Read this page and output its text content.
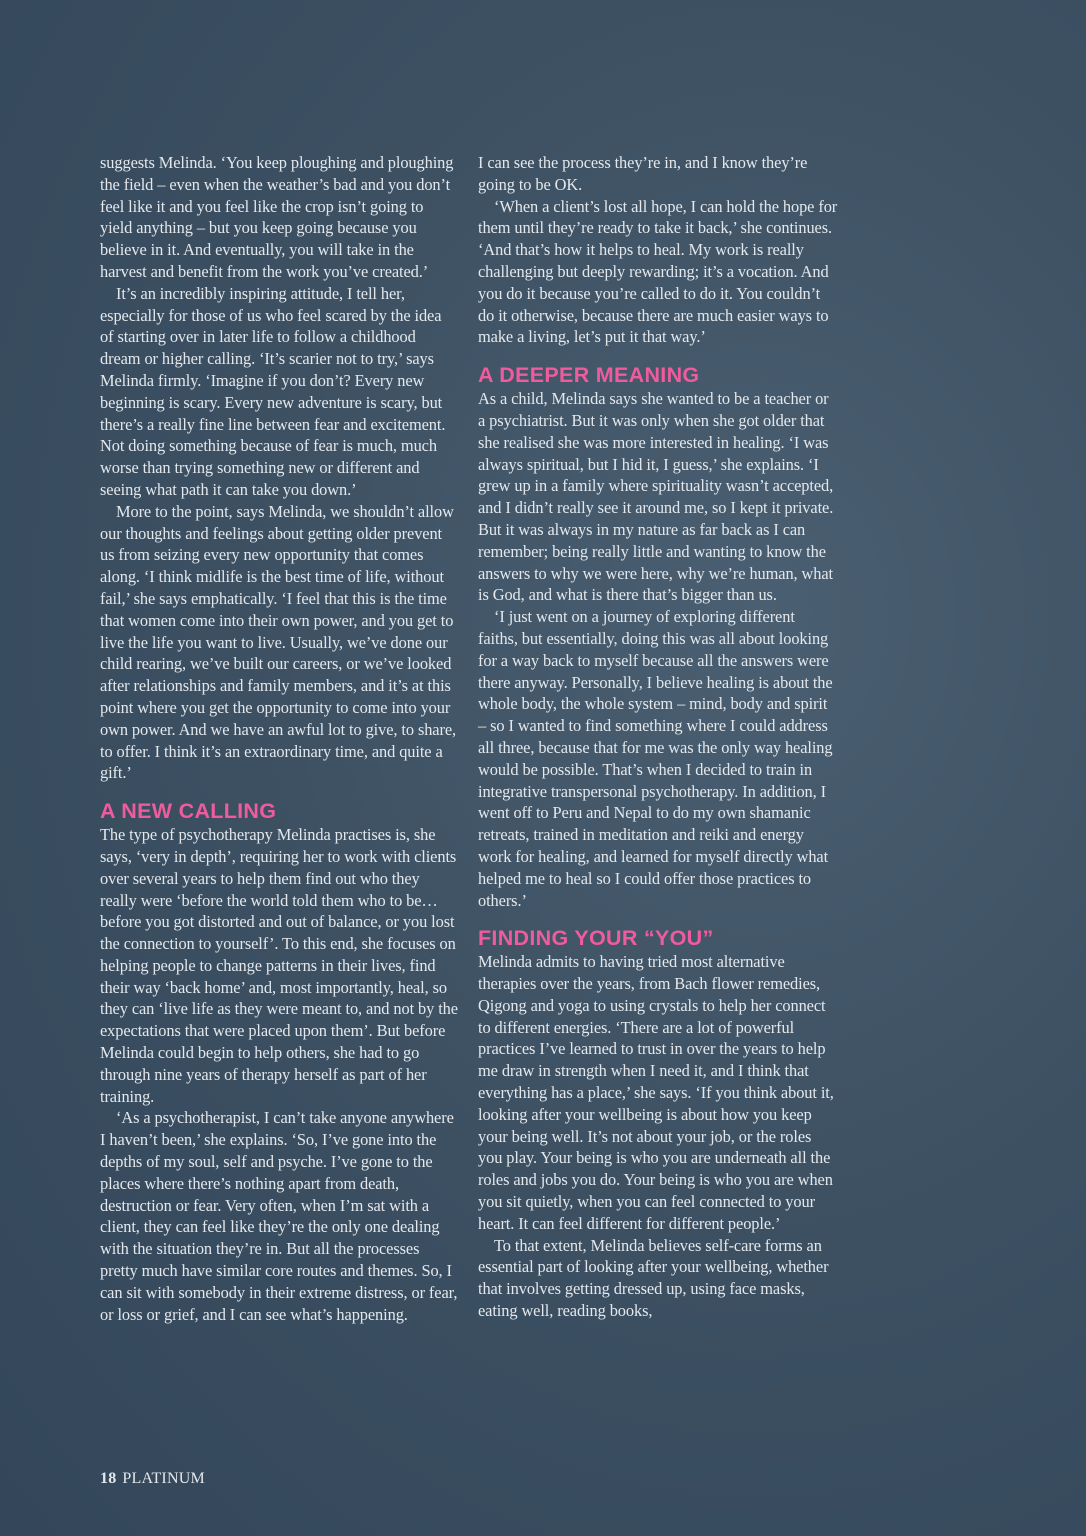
suggests Melinda. ‘You keep ploughing and ploughing the field – even when the weather’s bad and you don’t feel like it and you feel like the crop isn’t going to yield anything – but you keep going because you believe in it. And eventually, you will take in the harvest and benefit from the work you’ve created.’

It’s an incredibly inspiring attitude, I tell her, especially for those of us who feel scared by the idea of starting over in later life to follow a childhood dream or higher calling. ‘It’s scarier not to try,’ says Melinda firmly. ‘Imagine if you don’t? Every new beginning is scary. Every new adventure is scary, but there’s a really fine line between fear and excitement. Not doing something because of fear is much, much worse than trying something new or different and seeing what path it can take you down.’

More to the point, says Melinda, we shouldn’t allow our thoughts and feelings about getting older prevent us from seizing every new opportunity that comes along. ‘I think midlife is the best time of life, without fail,’ she says emphatically. ‘I feel that this is the time that women come into their own power, and you get to live the life you want to live. Usually, we’ve done our child rearing, we’ve built our careers, or we’ve looked after relationships and family members, and it’s at this point where you get the opportunity to come into your own power. And we have an awful lot to give, to share, to offer. I think it’s an extraordinary time, and quite a gift.’

A NEW CALLING

The type of psychotherapy Melinda practises is, she says, ‘very in depth’, requiring her to work with clients over several years to help them find out who they really were ‘before the world told them who to be… before you got distorted and out of balance, or you lost the connection to yourself’. To this end, she focuses on helping people to change patterns in their lives, find their way ‘back home’ and, most importantly, heal, so they can ‘live life as they were meant to, and not by the expectations that were placed upon them’. But before Melinda could begin to help others, she had to go through nine years of therapy herself as part of her training.

‘As a psychotherapist, I can’t take anyone anywhere I haven’t been,’ she explains. ‘So, I’ve gone into the depths of my soul, self and psyche. I’ve gone to the places where there’s nothing apart from death, destruction or fear. Very often, when I’m sat with a client, they can feel like they’re the only one dealing with the situation they’re in. But all the processes pretty much have similar core routes and themes. So, I can sit with somebody in their extreme distress, or fear, or loss or grief, and I can see what’s happening.

I can see the process they’re in, and I know they’re going to be OK.

‘When a client’s lost all hope, I can hold the hope for them until they’re ready to take it back,’ she continues. ‘And that’s how it helps to heal. My work is really challenging but deeply rewarding; it’s a vocation. And you do it because you’re called to do it. You couldn’t do it otherwise, because there are much easier ways to make a living, let’s put it that way.’

A DEEPER MEANING

As a child, Melinda says she wanted to be a teacher or a psychiatrist. But it was only when she got older that she realised she was more interested in healing. ‘I was always spiritual, but I hid it, I guess,’ she explains. ‘I grew up in a family where spirituality wasn’t accepted, and I didn’t really see it around me, so I kept it private. But it was always in my nature as far back as I can remember; being really little and wanting to know the answers to why we were here, why we’re human, what is God, and what is there that’s bigger than us.

‘I just went on a journey of exploring different faiths, but essentially, doing this was all about looking for a way back to myself because all the answers were there anyway. Personally, I believe healing is about the whole body, the whole system – mind, body and spirit – so I wanted to find something where I could address all three, because that for me was the only way healing would be possible. That’s when I decided to train in integrative transpersonal psychotherapy. In addition, I went off to Peru and Nepal to do my own shamanic retreats, trained in meditation and reiki and energy work for healing, and learned for myself directly what helped me to heal so I could offer those practices to others.’

FINDING YOUR “YOU”

Melinda admits to having tried most alternative therapies over the years, from Bach flower remedies, Qigong and yoga to using crystals to help her connect to different energies. ‘There are a lot of powerful practices I’ve learned to trust in over the years to help me draw in strength when I need it, and I think that everything has a place,’ she says. ‘If you think about it, looking after your wellbeing is about how you keep your being well. It’s not about your job, or the roles you play. Your being is who you are underneath all the roles and jobs you do. Your being is who you are when you sit quietly, when you can feel connected to your heart. It can feel different for different people.’

To that extent, Melinda believes self-care forms an essential part of looking after your wellbeing, whether that involves getting dressed up, using face masks, eating well, reading books,

18 PLATINUM
